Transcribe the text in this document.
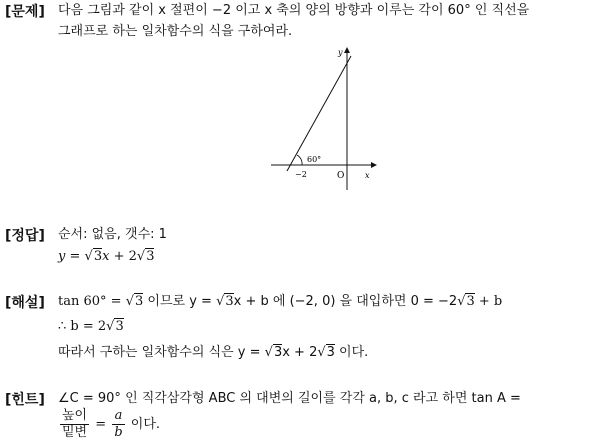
[문제] 다음 그림과 같이 x 절편이 −2 이고 x 축의 양의 방향과 이루는 각이 60° 인 직선을
그래프로 하는 일차함수의 식을 구하여라.
y
x
O
−2
60°
[정답] 순서: 없음, 갯수: 1
y = √3x + 2√3
[해설] tan 60° = √3 이므로 y = √3x + b 에 (−2, 0) 을 대입하면 0 = −2√3 + b
∴ b = 2√3
따라서 구하는 일차함수의 식은 y = √3x + 2√3 이다.
[힌트] ∠C = 90° 인 직각삼각형 ABC 의 대변의 길이를 각각 a, b, c 라고 하면 tan A =
$\frac{\text{높이}}{\text{밑변}} = \frac{a}{b}$ 이다.
